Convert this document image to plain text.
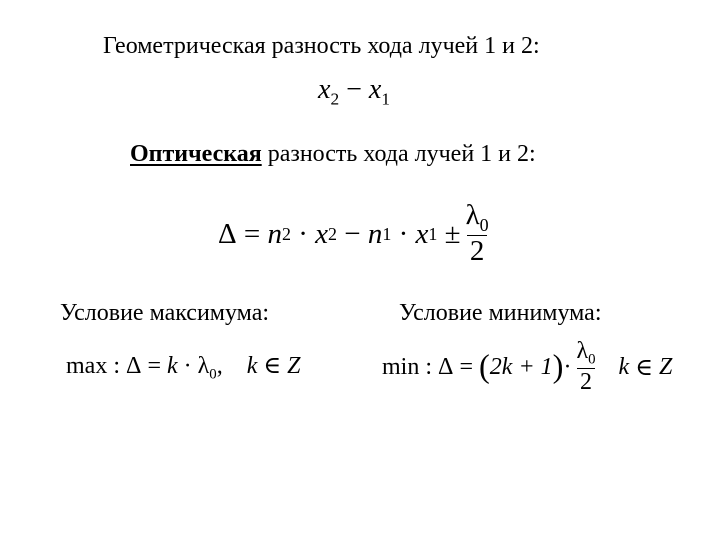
Геометрическая разность хода лучей 1 и 2:
$x_2 - x_1$
Оптическая разность хода лучей 1 и 2:
Δ
=
n 2
·
x 2
−
n 1
·
x 1
± $\frac{\lambda_0}{2}$
Условие максимума:
max : $\Delta = k \cdot \lambda_0$, k ∈ Z
Условие минимума:
min :
Δ
=
( 2k + 1 ) · $\frac{\lambda_0}{2}$
k
∈
Z
